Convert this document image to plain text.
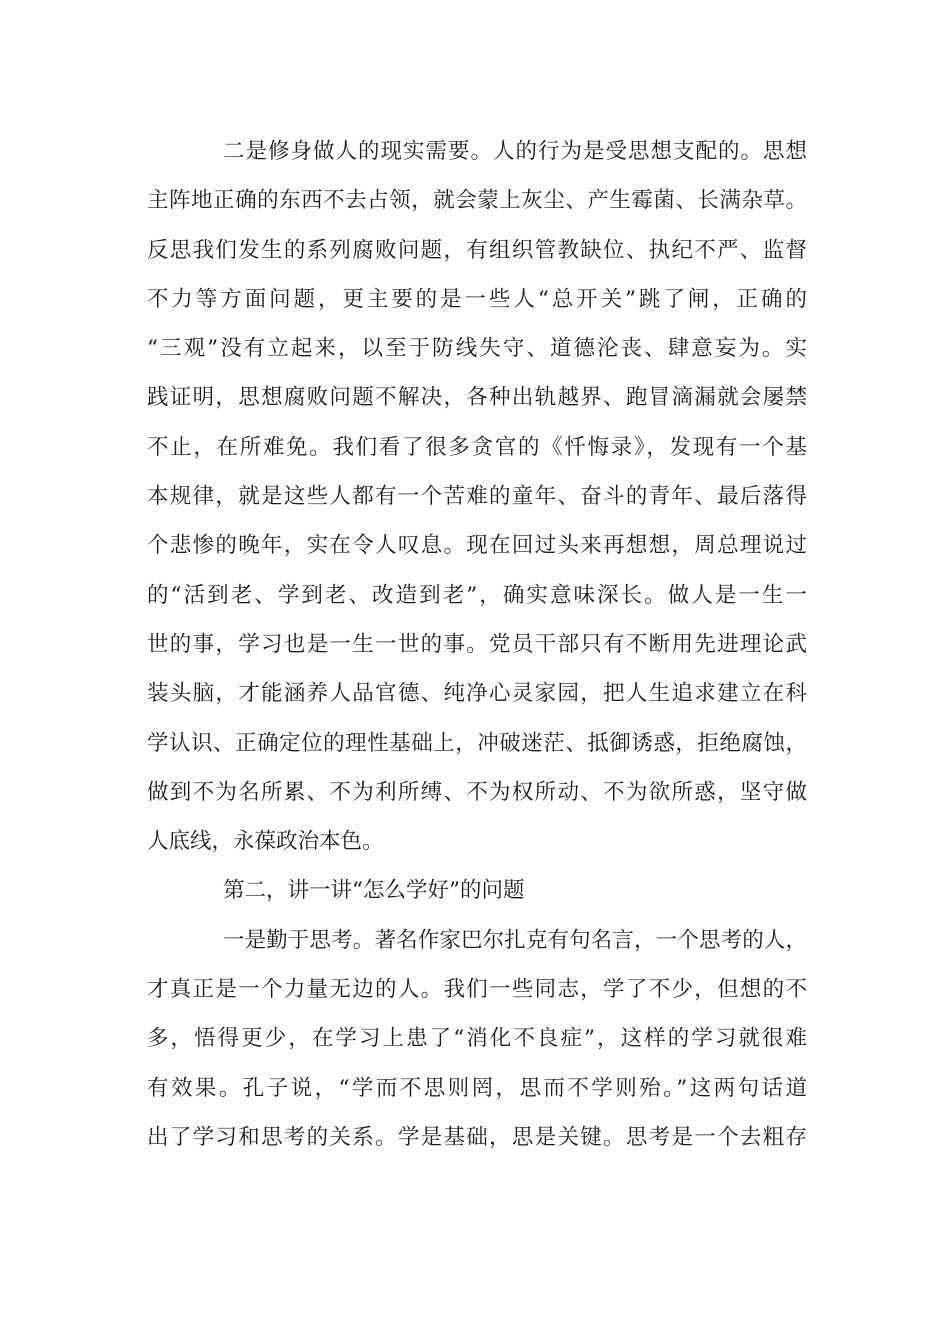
二是修身做人的现实需要。人的行为是受思想支配的。思想
主阵地正确的东西不去占领，就会蒙上灰尘、产生霉菌、长满杂草。
反思我们发生的系列腐败问题，有组织管教缺位、执纪不严、监督
不力等方面问题，更主要的是一些人“总开关”跳了闸，正确的
“三观”没有立起来，以至于防线失守、道德沦丧、肆意妄为。实
践证明，思想腐败问题不解决，各种出轨越界、跑冒滴漏就会屡禁
不止，在所难免。我们看了很多贪官的《忏悔录》，发现有一个基
本规律，就是这些人都有一个苦难的童年、奋斗的青年、最后落得
个悲惨的晚年，实在令人叹息。现在回过头来再想想，周总理说过
的“活到老、学到老、改造到老”，确实意味深长。做人是一生一
世的事，学习也是一生一世的事。党员干部只有不断用先进理论武
装头脑，才能涵养人品官德、纯净心灵家园，把人生追求建立在科
学认识、正确定位的理性基础上，冲破迷茫、抵御诱惑，拒绝腐蚀，
做到不为名所累、不为利所缚、不为权所动、不为欲所惑，坚守做
人底线，永葆政治本色。
第二，讲一讲“怎么学好”的问题
一是勤于思考。著名作家巴尔扎克有句名言，一个思考的人，
才真正是一个力量无边的人。我们一些同志，学了不少，但想的不
多，悟得更少，在学习上患了“消化不良症”，这样的学习就很难
有效果。孔子说，“学而不思则罔，思而不学则殆。”这两句话道
出了学习和思考的关系。学是基础，思是关键。思考是一个去粗存
